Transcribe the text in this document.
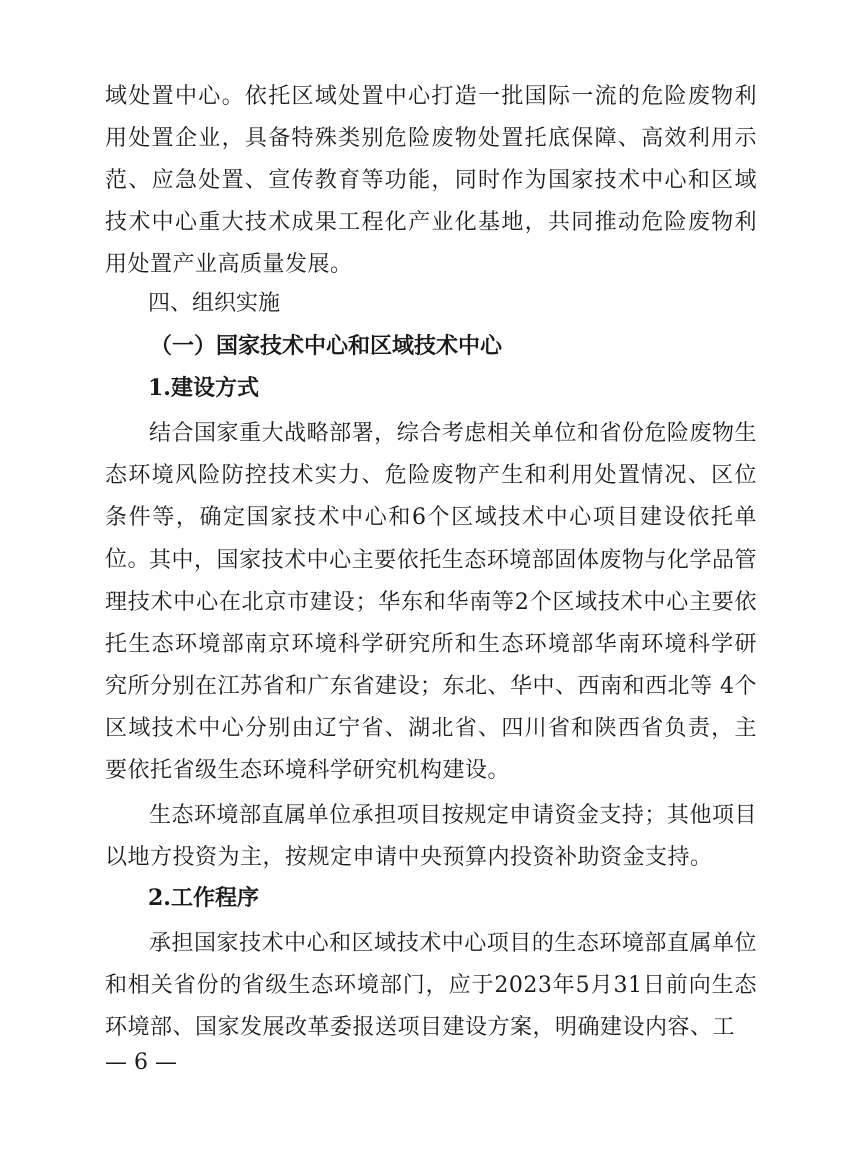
域处置中心。依托区域处置中心打造一批国际一流的危险废物利用处置企业，具备特殊类别危险废物处置托底保障、高效利用示范、应急处置、宣传教育等功能，同时作为国家技术中心和区域技术中心重大技术成果工程化产业化基地，共同推动危险废物利用处置产业高质量发展。

四、组织实施
（一）国家技术中心和区域技术中心
1.建设方式

结合国家重大战略部署，综合考虑相关单位和省份危险废物生态环境风险防控技术实力、危险废物产生和利用处置情况、区位条件等，确定国家技术中心和6个区域技术中心项目建设依托单位。

其中，国家技术中心主要依托生态环境部固体废物与化学品管理技术中心在北京市建设；华东和华南等2个区域技术中心主要依托生态环境部南京环境科学研究所和生态环境部华南环境科学研究所分别在江苏省和广东省建设；东北、华中、西南和西北等 4个区域技术中心分别由辽宁省、湖北省、四川省和陕西省负责，主要依托省级生态环境科学研究机构建设。

生态环境部直属单位承担项目按规定申请资金支持；其他项目以地方投资为主，按规定申请中央预算内投资补助资金支持。

2.工作程序

承担国家技术中心和区域技术中心项目的生态环境部直属单位和相关省份的省级生态环境部门，应于2023年5月31日前向生态环境部、国家发展改革委报送项目建设方案，明确建设内容、工

— 6 —
